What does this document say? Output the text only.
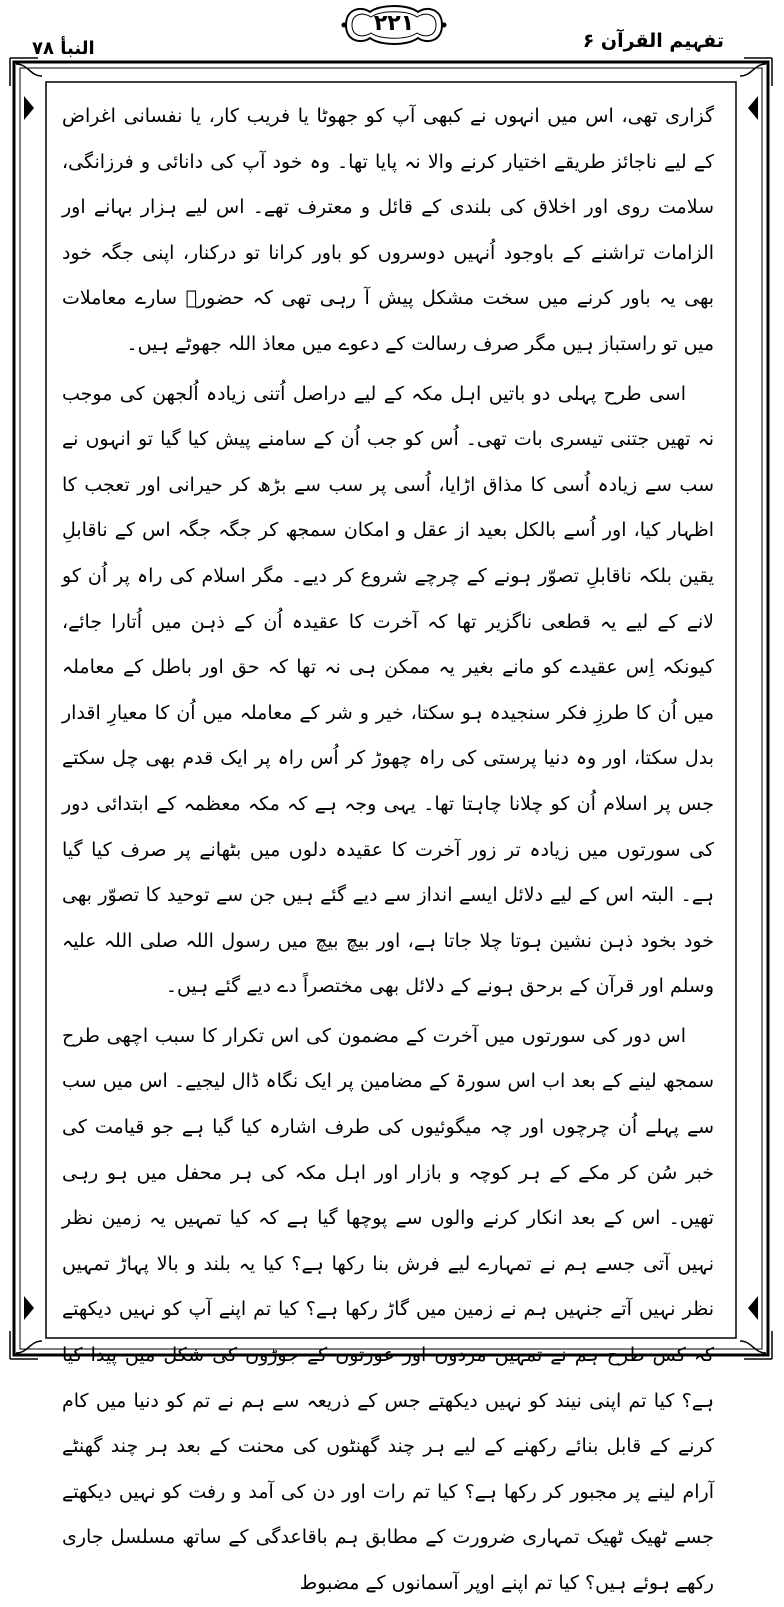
النبأ ۷۸
۲۲۱
تفہیم القرآن ۶

گزاری تھی، اس میں انہوں نے کبھی آپ کو جھوٹا یا فریب کار، یا نفسانی اغراض کے لیے ناجائز طریقے اختیار کرنے والا نہ پایا تھا۔ وہ خود آپ کی دانائی و فرزانگی، سلامت روی اور اخلاق کی بلندی کے قائل و معترف تھے۔ اس لیے ہزار بہانے اور الزامات تراشنے کے باوجود اُنہیں دوسروں کو باور کرانا تو درکنار، اپنی جگہ خود بھی یہ باور کرنے میں سخت مشکل پیش آ رہی تھی کہ حضورؐ سارے معاملات میں تو راستباز ہیں مگر صرف رسالت کے دعوے میں معاذ اللہ جھوٹے ہیں۔

اسی طرح پہلی دو باتیں اہل مکہ کے لیے دراصل اُتنی زیادہ اُلجھن کی موجب نہ تھیں جتنی تیسری بات تھی۔ اُس کو جب اُن کے سامنے پیش کیا گیا تو انہوں نے سب سے زیادہ اُسی کا مذاق اڑایا، اُسی پر سب سے بڑھ کر حیرانی اور تعجب کا اظہار کیا، اور اُسے بالکل بعید از عقل و امکان سمجھ کر جگہ جگہ اس کے ناقابلِ یقین بلکہ ناقابلِ تصوّر ہونے کے چرچے شروع کر دیے۔ مگر اسلام کی راہ پر اُن کو لانے کے لیے یہ قطعی ناگزیر تھا کہ آخرت کا عقیدہ اُن کے ذہن میں اُتارا جائے، کیونکہ اِس عقیدے کو مانے بغیر یہ ممکن ہی نہ تھا کہ حق اور باطل کے معاملہ میں اُن کا طرزِ فکر سنجیدہ ہو سکتا، خیر و شر کے معاملہ میں اُن کا معیارِ اقدار بدل سکتا، اور وہ دنیا پرستی کی راہ چھوڑ کر اُس راہ پر ایک قدم بھی چل سکتے جس پر اسلام اُن کو چلانا چاہتا تھا۔ یہی وجہ ہے کہ مکہ معظمہ کے ابتدائی دور کی سورتوں میں زیادہ تر زور آخرت کا عقیدہ دلوں میں بٹھانے پر صرف کیا گیا ہے۔ البتہ اس کے لیے دلائل ایسے انداز سے دیے گئے ہیں جن سے توحید کا تصوّر بھی خود بخود ذہن نشین ہوتا چلا جاتا ہے، اور بیچ بیچ میں رسول اللہ صلی اللہ علیہ وسلم اور قرآن کے برحق ہونے کے دلائل بھی مختصراً دے دیے گئے ہیں۔

اس دور کی سورتوں میں آخرت کے مضمون کی اس تکرار کا سبب اچھی طرح سمجھ لینے کے بعد اب اس سورۃ کے مضامین پر ایک نگاہ ڈال لیجیے۔ اس میں سب سے پہلے اُن چرچوں اور چہ میگوئیوں کی طرف اشارہ کیا گیا ہے جو قیامت کی خبر سُن کر مکے کے ہر کوچہ و بازار اور اہل مکہ کی ہر محفل میں ہو رہی تھیں۔ اس کے بعد انکار کرنے والوں سے پوچھا گیا ہے کہ کیا تمہیں یہ زمین نظر نہیں آتی جسے ہم نے تمہارے لیے فرش بنا رکھا ہے؟ کیا یہ بلند و بالا پہاڑ تمہیں نظر نہیں آتے جنہیں ہم نے زمین میں گاڑ رکھا ہے؟ کیا تم اپنے آپ کو نہیں دیکھتے کہ کس طرح ہم نے تمہیں مردوں اور عورتوں کے جوڑوں کی شکل میں پیدا کیا ہے؟ کیا تم اپنی نیند کو نہیں دیکھتے جس کے ذریعہ سے ہم نے تم کو دنیا میں کام کرنے کے قابل بنائے رکھنے کے لیے ہر چند گھنٹوں کی محنت کے بعد ہر چند گھنٹے آرام لینے پر مجبور کر رکھا ہے؟ کیا تم رات اور دن کی آمد و رفت کو نہیں دیکھتے جسے ٹھیک ٹھیک تمہاری ضرورت کے مطابق ہم باقاعدگی کے ساتھ مسلسل جاری رکھے ہوئے ہیں؟ کیا تم اپنے اوپر آسمانوں کے مضبوط
